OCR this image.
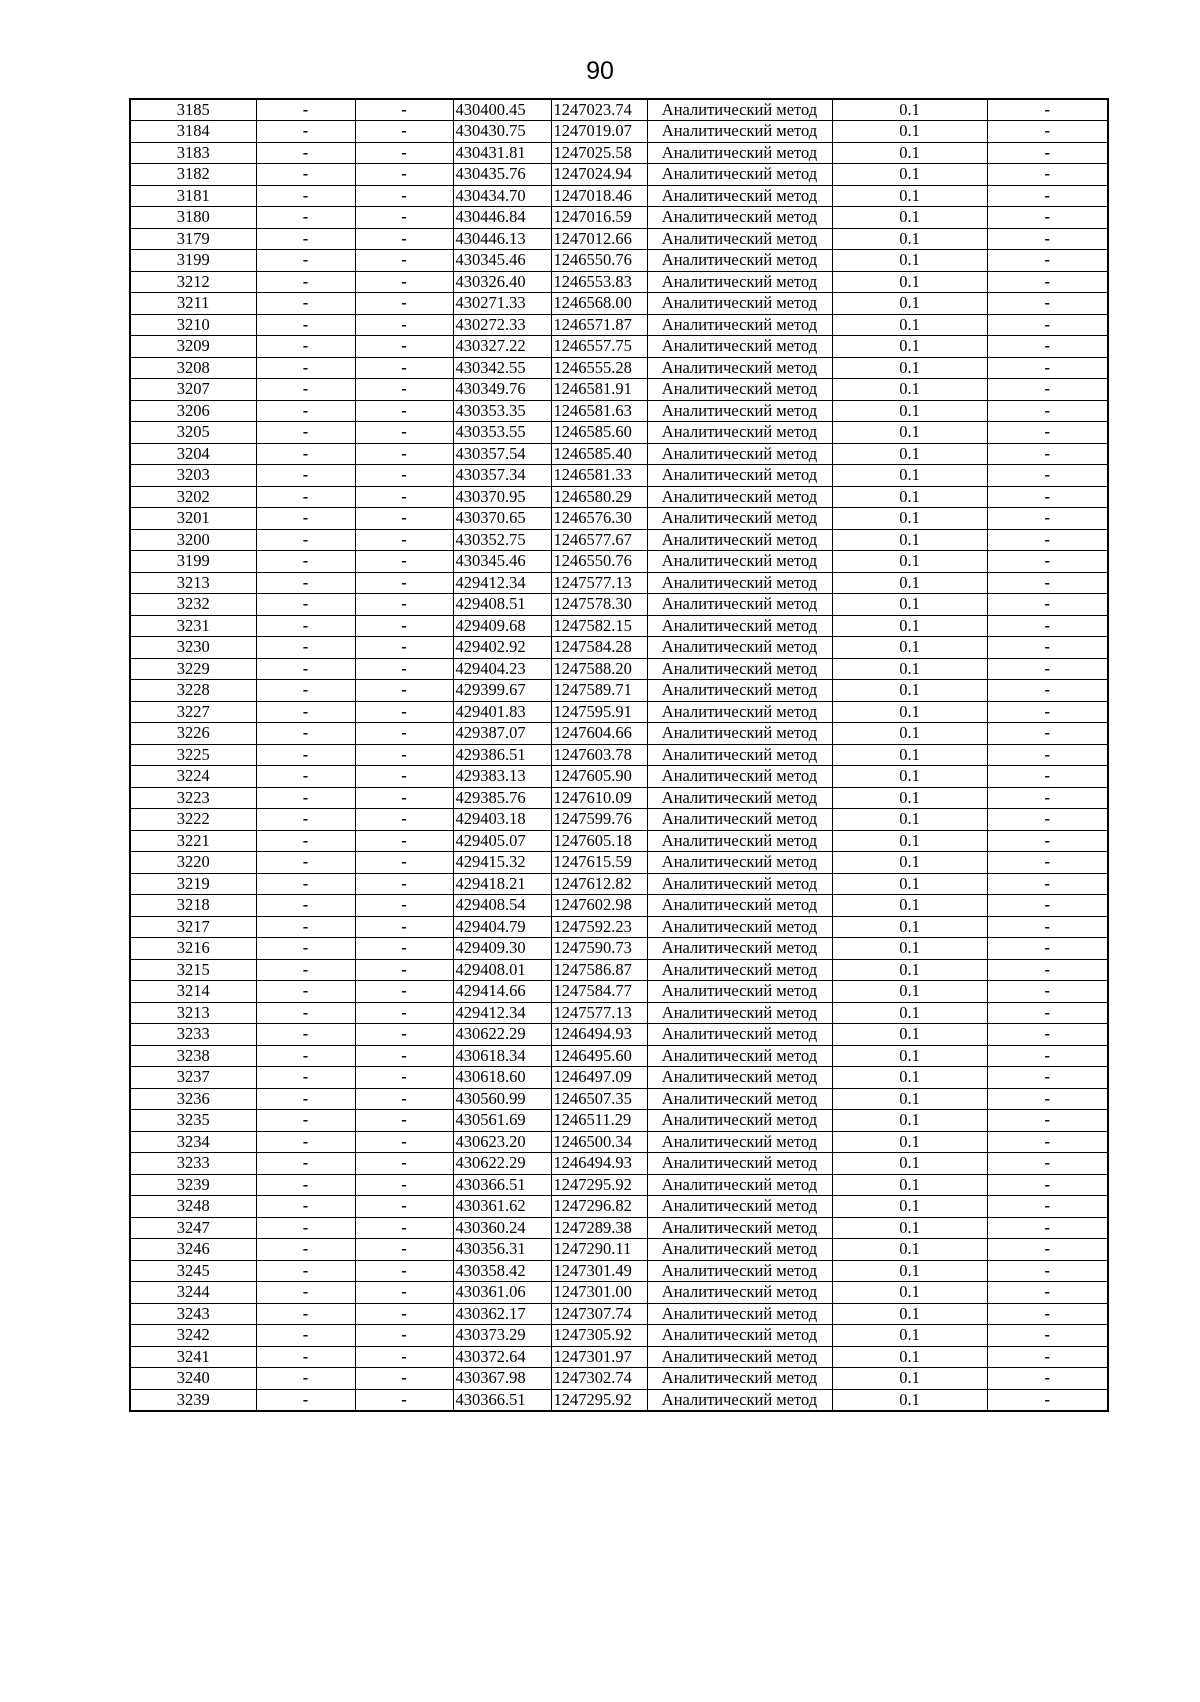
90
3185	-	-	430400.45	1247023.74	Аналитический метод	0.1	-
3184	-	-	430430.75	1247019.07	Аналитический метод	0.1	-
3183	-	-	430431.81	1247025.58	Аналитический метод	0.1	-
3182	-	-	430435.76	1247024.94	Аналитический метод	0.1	-
3181	-	-	430434.70	1247018.46	Аналитический метод	0.1	-
3180	-	-	430446.84	1247016.59	Аналитический метод	0.1	-
3179	-	-	430446.13	1247012.66	Аналитический метод	0.1	-
3199	-	-	430345.46	1246550.76	Аналитический метод	0.1	-
3212	-	-	430326.40	1246553.83	Аналитический метод	0.1	-
3211	-	-	430271.33	1246568.00	Аналитический метод	0.1	-
3210	-	-	430272.33	1246571.87	Аналитический метод	0.1	-
3209	-	-	430327.22	1246557.75	Аналитический метод	0.1	-
3208	-	-	430342.55	1246555.28	Аналитический метод	0.1	-
3207	-	-	430349.76	1246581.91	Аналитический метод	0.1	-
3206	-	-	430353.35	1246581.63	Аналитический метод	0.1	-
3205	-	-	430353.55	1246585.60	Аналитический метод	0.1	-
3204	-	-	430357.54	1246585.40	Аналитический метод	0.1	-
3203	-	-	430357.34	1246581.33	Аналитический метод	0.1	-
3202	-	-	430370.95	1246580.29	Аналитический метод	0.1	-
3201	-	-	430370.65	1246576.30	Аналитический метод	0.1	-
3200	-	-	430352.75	1246577.67	Аналитический метод	0.1	-
3199	-	-	430345.46	1246550.76	Аналитический метод	0.1	-
3213	-	-	429412.34	1247577.13	Аналитический метод	0.1	-
3232	-	-	429408.51	1247578.30	Аналитический метод	0.1	-
3231	-	-	429409.68	1247582.15	Аналитический метод	0.1	-
3230	-	-	429402.92	1247584.28	Аналитический метод	0.1	-
3229	-	-	429404.23	1247588.20	Аналитический метод	0.1	-
3228	-	-	429399.67	1247589.71	Аналитический метод	0.1	-
3227	-	-	429401.83	1247595.91	Аналитический метод	0.1	-
3226	-	-	429387.07	1247604.66	Аналитический метод	0.1	-
3225	-	-	429386.51	1247603.78	Аналитический метод	0.1	-
3224	-	-	429383.13	1247605.90	Аналитический метод	0.1	-
3223	-	-	429385.76	1247610.09	Аналитический метод	0.1	-
3222	-	-	429403.18	1247599.76	Аналитический метод	0.1	-
3221	-	-	429405.07	1247605.18	Аналитический метод	0.1	-
3220	-	-	429415.32	1247615.59	Аналитический метод	0.1	-
3219	-	-	429418.21	1247612.82	Аналитический метод	0.1	-
3218	-	-	429408.54	1247602.98	Аналитический метод	0.1	-
3217	-	-	429404.79	1247592.23	Аналитический метод	0.1	-
3216	-	-	429409.30	1247590.73	Аналитический метод	0.1	-
3215	-	-	429408.01	1247586.87	Аналитический метод	0.1	-
3214	-	-	429414.66	1247584.77	Аналитический метод	0.1	-
3213	-	-	429412.34	1247577.13	Аналитический метод	0.1	-
3233	-	-	430622.29	1246494.93	Аналитический метод	0.1	-
3238	-	-	430618.34	1246495.60	Аналитический метод	0.1	-
3237	-	-	430618.60	1246497.09	Аналитический метод	0.1	-
3236	-	-	430560.99	1246507.35	Аналитический метод	0.1	-
3235	-	-	430561.69	1246511.29	Аналитический метод	0.1	-
3234	-	-	430623.20	1246500.34	Аналитический метод	0.1	-
3233	-	-	430622.29	1246494.93	Аналитический метод	0.1	-
3239	-	-	430366.51	1247295.92	Аналитический метод	0.1	-
3248	-	-	430361.62	1247296.82	Аналитический метод	0.1	-
3247	-	-	430360.24	1247289.38	Аналитический метод	0.1	-
3246	-	-	430356.31	1247290.11	Аналитический метод	0.1	-
3245	-	-	430358.42	1247301.49	Аналитический метод	0.1	-
3244	-	-	430361.06	1247301.00	Аналитический метод	0.1	-
3243	-	-	430362.17	1247307.74	Аналитический метод	0.1	-
3242	-	-	430373.29	1247305.92	Аналитический метод	0.1	-
3241	-	-	430372.64	1247301.97	Аналитический метод	0.1	-
3240	-	-	430367.98	1247302.74	Аналитический метод	0.1	-
3239	-	-	430366.51	1247295.92	Аналитический метод	0.1	-
